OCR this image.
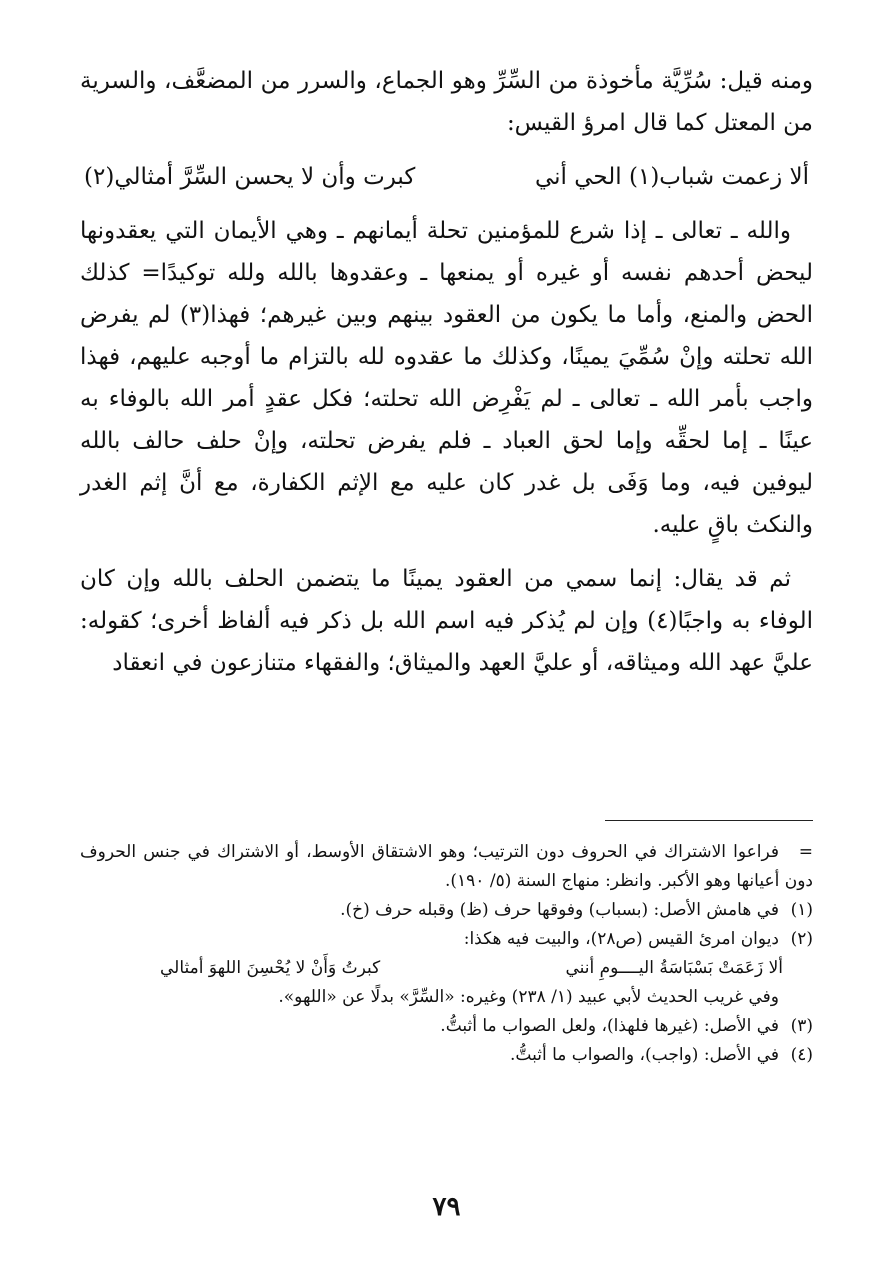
ومنه قيل: سُرِّيَّة مأخوذة من السِّرِّ وهو الجماع، والسرر من المضعَّف، والسرية من المعتل كما قال امرؤ القيس:

ألا زعمت شباب(١) الحي أني
كبرت وأن لا يحسن السِّرَّ أمثالي(٢)

والله ـ تعالى ـ إذا شرع للمؤمنين تحلة أيمانهم ـ وهي الأيمان التي يعقدونها ليحض أحدهم نفسه أو غيره أو يمنعها ـ وعقدوها بالله ولله توكيدًا= كذلك الحض والمنع، وأما ما يكون من العقود بينهم وبين غيرهم؛ فهذا(٣) لم يفرض الله تحلته وإنْ سُمِّيَ يمينًا، وكذلك ما عقدوه لله بالتزام ما أوجبه عليهم، فهذا واجب بأمر الله ـ تعالى ـ لم يَفْرِض الله تحلته؛ فكل عقدٍ أمر الله بالوفاء به عينًا ـ إما لحقِّه وإما لحق العباد ـ فلم يفرض تحلته، وإنْ حلف حالف بالله ليوفين فيه، وما وَفَى بل غدر كان عليه مع الإثم الكفارة، مع أنَّ إثم الغدر والنكث باقٍ عليه.

ثم قد يقال: إنما سمي من العقود يمينًا ما يتضمن الحلف بالله وإن كان الوفاء به واجبًا(٤) وإن لم يُذكر فيه اسم الله بل ذكر فيه ألفاظ أخرى؛ كقوله: عليَّ عهد الله وميثاقه، أو عليَّ العهد والميثاق؛ والفقهاء متنازعون في انعقاد

=فراعوا الاشتراك في الحروف دون الترتيب؛ وهو الاشتقاق الأوسط، أو الاشتراك في جنس الحروف دون أعيانها وهو الأكبر. وانظر: منهاج السنة (٥/ ١٩٠).

(١)في هامش الأصل: (بسباب) وفوقها حرف (ظ) وقبله حرف (خ).

(٢)ديوان امرئ القيس (ص٢٨)، والبيت فيه هكذا:

ألا زَعَمَتْ بَسْبَاسَةُ اليــــومِ أنني
كبرتُ وَأَنْ لا يُحْسِنَ اللهوَ أمثالي

وفي غريب الحديث لأبي عبيد (١/ ٢٣٨) وغيره: «السِّرَّ» بدلًا عن «اللهو».

(٣)في الأصل: (غيرها فلهذا)، ولعل الصواب ما أثبتُّ.

(٤)في الأصل: (واجب)، والصواب ما أثبتُّ.

٧٩
